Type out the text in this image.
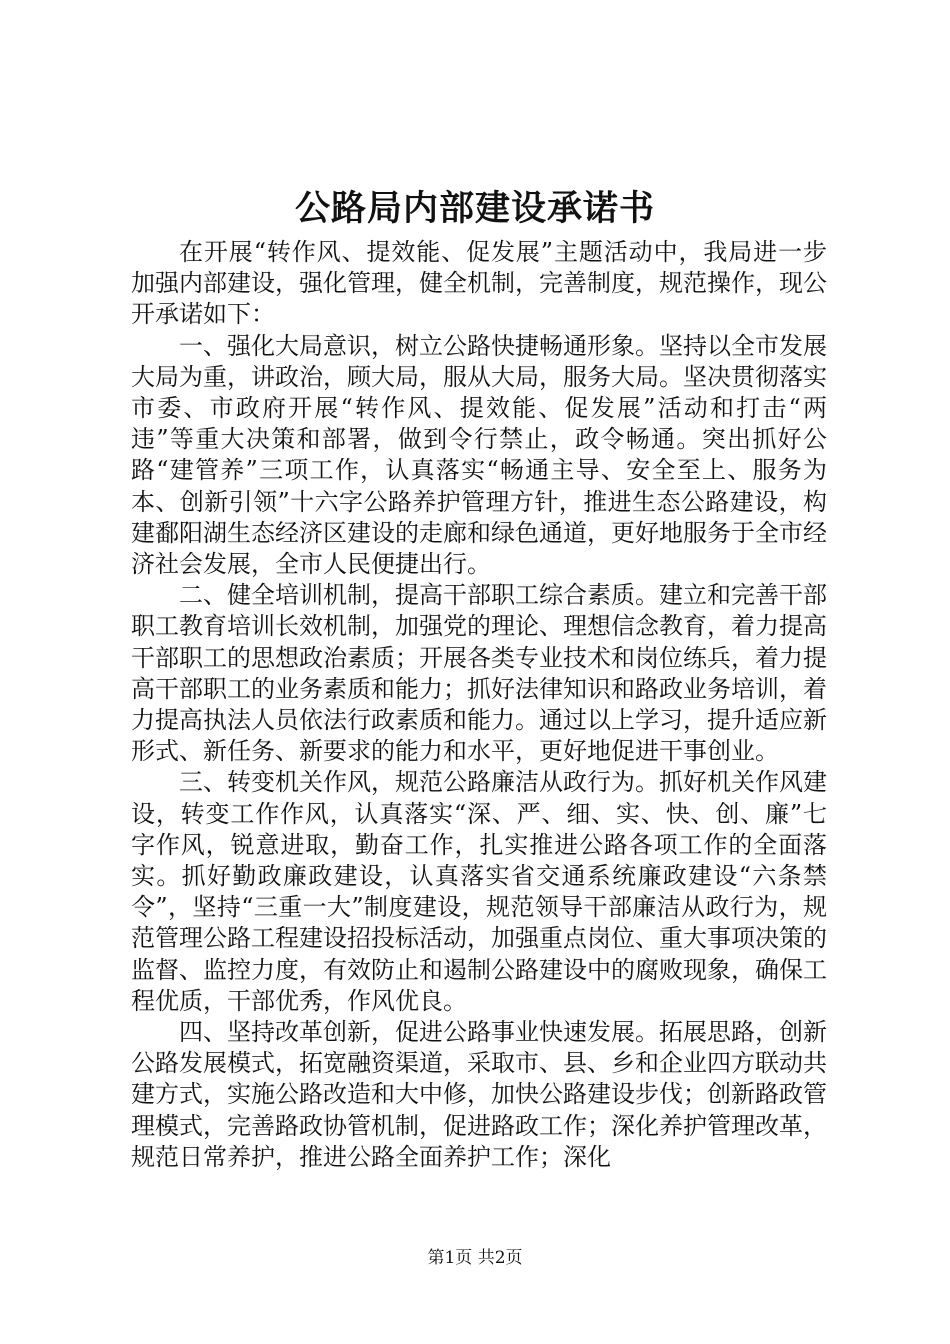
公路局内部建设承诺书

在开展“转作风、提效能、促发展”主题活动中，我局进一步加强内部建设，强化管理，健全机制，完善制度，规范操作，现公开承诺如下：

一、强化大局意识，树立公路快捷畅通形象。坚持以全市发展大局为重，讲政治，顾大局，服从大局，服务大局。坚决贯彻落实市委、市政府开展“转作风、提效能、促发展”活动和打击“两违”等重大决策和部署，做到令行禁止，政令畅通。突出抓好公路“建管养”三项工作，认真落实“畅通主导、安全至上、服务为本、创新引领”十六字公路养护管理方针，推进生态公路建设，构建鄱阳湖生态经济区建设的走廊和绿色通道，更好地服务于全市经济社会发展，全市人民便捷出行。

二、健全培训机制，提高干部职工综合素质。建立和完善干部职工教育培训长效机制，加强党的理论、理想信念教育，着力提高干部职工的思想政治素质；开展各类专业技术和岗位练兵，着力提高干部职工的业务素质和能力；抓好法律知识和路政业务培训，着力提高执法人员依法行政素质和能力。通过以上学习，提升适应新形式、新任务、新要求的能力和水平，更好地促进干事创业。

三、转变机关作风，规范公路廉洁从政行为。抓好机关作风建设，转变工作作风，认真落实“深、严、细、实、快、创、廉”七字作风，锐意进取，勤奋工作，扎实推进公路各项工作的全面落实。抓好勤政廉政建设，认真落实省交通系统廉政建设“六条禁令”，坚持“三重一大”制度建设，规范领导干部廉洁从政行为，规范管理公路工程建设招投标活动，加强重点岗位、重大事项决策的监督、监控力度，有效防止和遏制公路建设中的腐败现象，确保工程优质，干部优秀，作风优良。

四、坚持改革创新，促进公路事业快速发展。拓展思路，创新公路发展模式，拓宽融资渠道，采取市、县、乡和企业四方联动共建方式，实施公路改造和大中修，加快公路建设步伐；创新路政管理模式，完善路政协管机制，促进路政工作；深化养护管理改革，规范日常养护，推进公路全面养护工作；深化

第1页 共2页
